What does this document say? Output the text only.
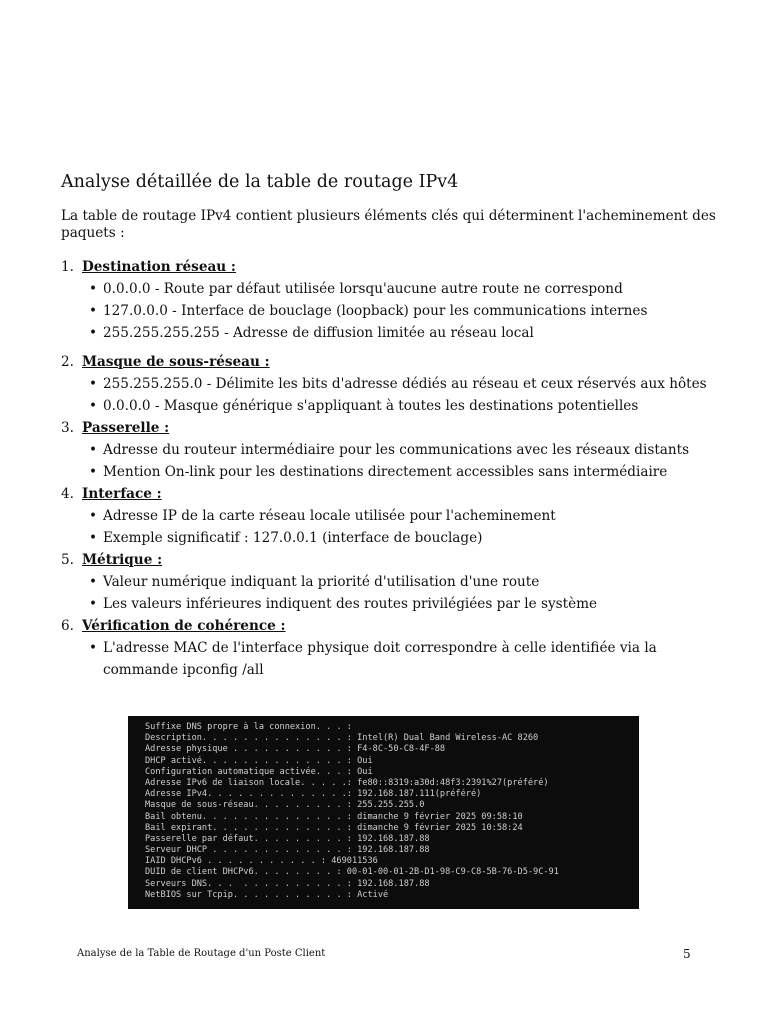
Analyse détaillée de la table de routage IPv4

La table de routage IPv4 contient plusieurs éléments clés qui déterminent l'acheminement des paquets :

1. Destination réseau :
• 0.0.0.0 - Route par défaut utilisée lorsqu'aucune autre route ne correspond
• 127.0.0.0 - Interface de bouclage (loopback) pour les communications internes
• 255.255.255.255 - Adresse de diffusion limitée au réseau local
2. Masque de sous-réseau :
• 255.255.255.0 - Délimite les bits d'adresse dédiés au réseau et ceux réservés aux hôtes
• 0.0.0.0 - Masque générique s'appliquant à toutes les destinations potentielles
3. Passerelle :
• Adresse du routeur intermédiaire pour les communications avec les réseaux distants
• Mention On-link pour les destinations directement accessibles sans intermédiaire
4. Interface :
• Adresse IP de la carte réseau locale utilisée pour l'acheminement
• Exemple significatif : 127.0.0.1 (interface de bouclage)
5. Métrique :
• Valeur numérique indiquant la priorité d'utilisation d'une route
• Les valeurs inférieures indiquent des routes privilégiées par le système
6. Vérification de cohérence :
• L'adresse MAC de l'interface physique doit correspondre à celle identifiée via la commande ipconfig /all
Suffixe DNS propre à la connexion. . . :
Description. . . . . . . . . . . . . . : Intel(R) Dual Band Wireless-AC 8260
Adresse physique . . . . . . . . . . . : F4-8C-50-C8-4F-88
DHCP activé. . . . . . . . . . . . . . : Oui
Configuration automatique activée. . . : Oui
Adresse IPv6 de liaison locale. . . . .: fe80::8319:a30d:48f3:2391%27(préféré)
Adresse IPv4. . . . . . . . . . . . . .: 192.168.187.111(préféré)
Masque de sous-réseau. . . . . . . . . : 255.255.255.0
Bail obtenu. . . . . . . . . . . . . . : dimanche 9 février 2025 09:58:10
Bail expirant. . . . . . . . . . . . . : dimanche 9 février 2025 10:58:24
Passerelle par défaut. . . . . . . . . : 192.168.187.88
Serveur DHCP . . . . . . . . . . . . . : 192.168.187.88
IAID DHCPv6 . . . . . . . . . . . : 469011536
DUID de client DHCPv6. . . . . . . . : 00-01-00-01-2B-D1-98-C9-C8-5B-76-D5-9C-91
Serveurs DNS. . .  . . . . . . . . . . : 192.168.187.88
NetBIOS sur Tcpip. . . . . . . . . . . : Activé
Analyse de la Table de Routage d'un Poste Client	5
